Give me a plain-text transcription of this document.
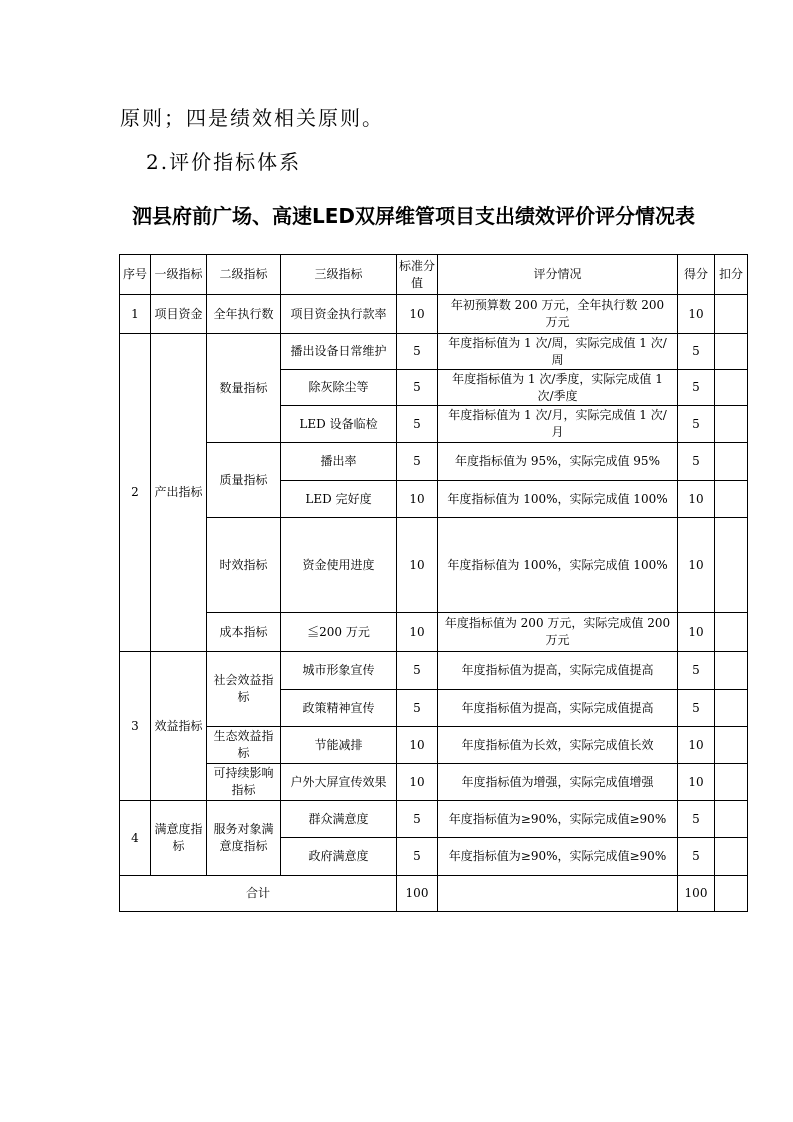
原则；四是绩效相关原则。
2.评价指标体系
泗县府前广场、高速LED双屏维管项目支出绩效评价评分情况表
序号	一级指标	二级指标	三级指标	标准分值	评分情况	得分	扣分
1	项目资金	全年执行数	项目资金执行款率	10	年初预算数 200 万元，全年执行数 200 万元	10	
2	产出指标	数量指标	播出设备日常维护	5	年度指标值为 1 次/周，实际完成值 1 次/周	5	
			除灰除尘等	5	年度指标值为 1 次/季度，实际完成值 1 次/季度	5	
			LED 设备临检	5	年度指标值为 1 次/月，实际完成值 1 次/月	5	
		质量指标	播出率	5	年度指标值为 95%，实际完成值 95%	5	
			LED 完好度	10	年度指标值为 100%，实际完成值 100%	10	
		时效指标	资金使用进度	10	年度指标值为 100%，实际完成值 100%	10	
		成本指标	≦200 万元	10	年度指标值为 200 万元，实际完成值 200 万元	10	
3	效益指标	社会效益指标	城市形象宣传	5	年度指标值为提高，实际完成值提高	5	
			政策精神宣传	5	年度指标值为提高，实际完成值提高	5	
		生态效益指标	节能减排	10	年度指标值为长效，实际完成值长效	10	
		可持续影响指标	户外大屏宣传效果	10	年度指标值为增强，实际完成值增强	10	
4	满意度指标	服务对象满意度指标	群众满意度	5	年度指标值为≥90%，实际完成值≥90%	5	
			政府满意度	5	年度指标值为≥90%，实际完成值≥90%	5	
合计				100		100	
